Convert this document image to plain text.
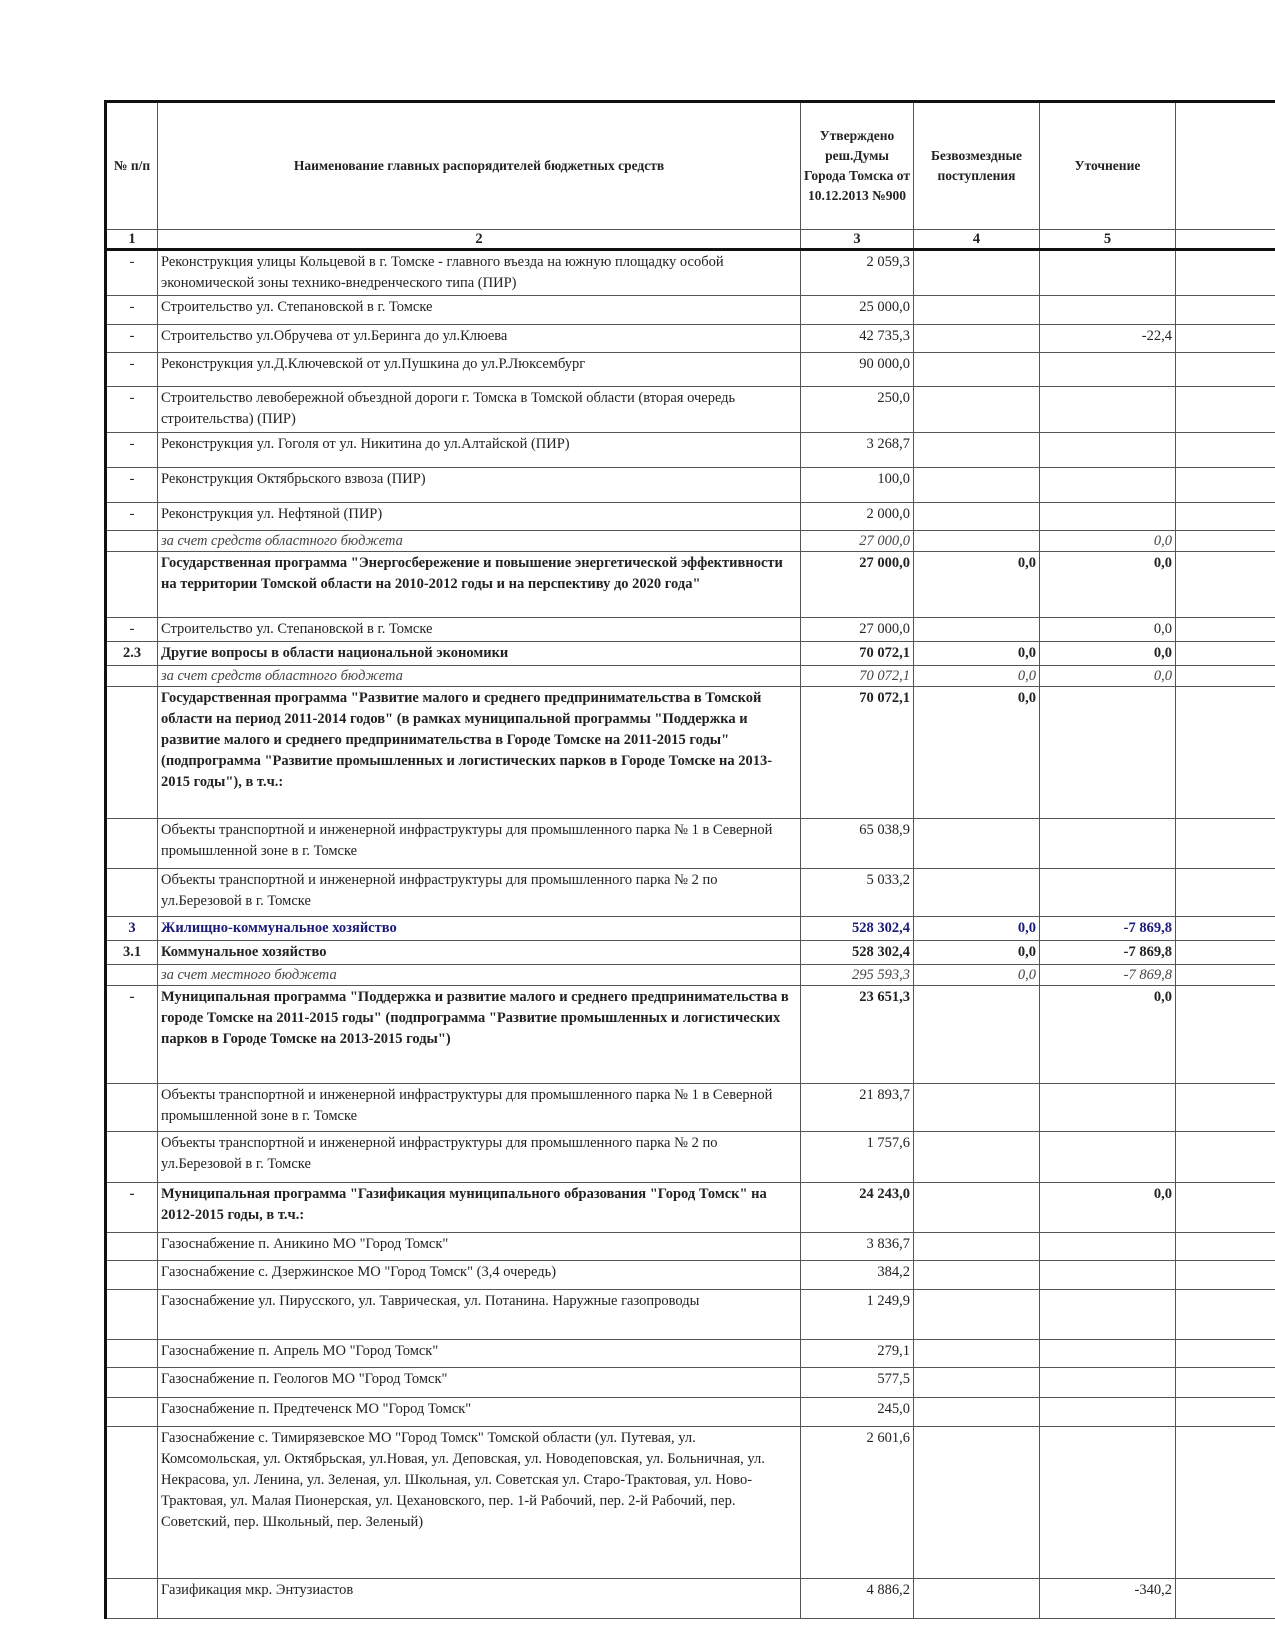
№ п/п	Наименование главных распорядителей бюджетных средств	Утверждено реш.Думы Города Томска от 10.12.2013 №900	Безвозмездные поступления	Уточнение	
1	2	3	4	5	
-	Реконструкция улицы Кольцевой в г. Томске - главного въезда на южную площадку особой экономической зоны технико-внедренческого типа (ПИР)	2 059,3			
-	Строительство ул. Степановской в г. Томске	25 000,0			
-	Строительство ул.Обручева от ул.Беринга до ул.Клюева	42 735,3		-22,4	
-	Реконструкция ул.Д.Ключевской от ул.Пушкина до ул.Р.Люксембург	90 000,0			
-	Строительство левобережной объездной дороги г. Томска в Томской области (вторая очередь строительства) (ПИР)	250,0			
-	Реконструкция ул. Гоголя от ул. Никитина до ул.Алтайской (ПИР)	3 268,7			
-	Реконструкция Октябрьского взвоза (ПИР)	100,0			
-	Реконструкция ул. Нефтяной (ПИР)	2 000,0			
	за счет средств областного бюджета	27 000,0		0,0	
	Государственная программа "Энергосбережение и повышение энергетической эффективности на территории Томской области на 2010-2012 годы и на перспективу до 2020 года"	27 000,0	0,0	0,0	
-	Строительство ул. Степановской в г. Томске	27 000,0		0,0	
2.3	Другие вопросы в области национальной экономики	70 072,1	0,0	0,0	
	за счет средств областного бюджета	70 072,1	0,0	0,0	
	Государственная программа "Развитие малого и среднего предпринимательства в Томской области на период 2011-2014 годов" (в рамках муниципальной программы "Поддержка и развитие малого и среднего предпринимательства в Городе Томске на 2011-2015 годы" (подпрограмма "Развитие промышленных и логистических парков в Городе Томске на 2013-2015 годы"), в т.ч.:	70 072,1	0,0		
	Объекты транспортной и инженерной инфраструктуры для промышленного парка № 1 в Северной промышленной зоне в г. Томске	65 038,9			
	Объекты транспортной и инженерной инфраструктуры для промышленного парка № 2 по ул.Березовой в г. Томске	5 033,2			
3	Жилищно-коммунальное хозяйство	528 302,4	0,0	-7 869,8	
3.1	Коммунальное хозяйство	528 302,4	0,0	-7 869,8	
	за счет местного бюджета	295 593,3	0,0	-7 869,8	
-	Муниципальная программа "Поддержка и развитие малого и среднего предпринимательства в городе Томске на 2011-2015 годы" (подпрограмма "Развитие промышленных и логистических парков в Городе Томске на 2013-2015 годы")	23 651,3		0,0	
	Объекты транспортной и инженерной инфраструктуры для промышленного парка № 1 в Северной промышленной зоне в г. Томске	21 893,7			
	Объекты транспортной и инженерной инфраструктуры для промышленного парка № 2 по ул.Березовой в г. Томске	1 757,6			
-	Муниципальная программа "Газификация муниципального образования "Город Томск" на 2012-2015 годы, в т.ч.:	24 243,0		0,0	
	Газоснабжение п. Аникино МО "Город Томск"	3 836,7			
	Газоснабжение с. Дзержинское МО "Город Томск" (3,4 очередь)	384,2			
	Газоснабжение ул. Пирусского, ул. Таврическая, ул. Потанина. Наружные газопроводы	1 249,9			
	Газоснабжение п. Апрель МО "Город Томск"	279,1			
	Газоснабжение п. Геологов МО "Город Томск"	577,5			
	Газоснабжение п. Предтеченск МО "Город Томск"	245,0			
	Газоснабжение с. Тимирязевское МО "Город Томск" Томской области (ул. Путевая, ул. Комсомольская, ул. Октябрьская, ул.Новая, ул. Деповская, ул. Новодеповская, ул. Больничная, ул. Некрасова, ул. Ленина, ул. Зеленая, ул. Школьная, ул. Советская ул. Старо-Трактовая, ул. Ново-Трактовая, ул. Малая Пионерская, ул. Цехановского, пер. 1-й Рабочий, пер. 2-й Рабочий, пер. Советский, пер. Школьный, пер. Зеленый)	2 601,6			
	Газификация мкр. Энтузиастов	4 886,2		-340,2	
